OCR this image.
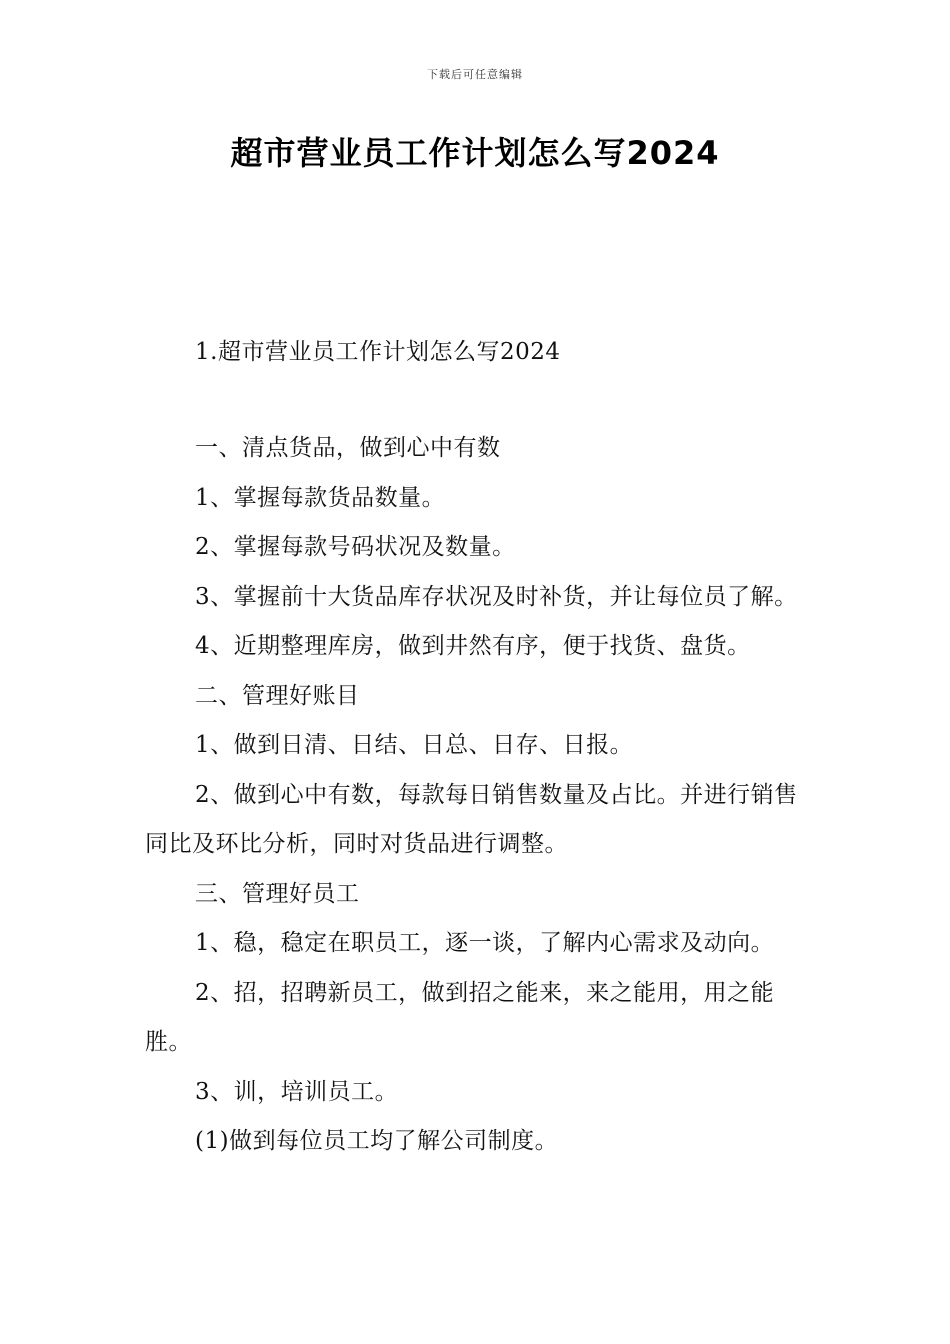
下载后可任意编辑
超市营业员工作计划怎么写2024

1.超市营业员工作计划怎么写2024

一、清点货品，做到心中有数

1、掌握每款货品数量。

2、掌握每款号码状况及数量。

3、掌握前十大货品库存状况及时补货，并让每位员了解。

4、近期整理库房，做到井然有序，便于找货、盘货。

二、管理好账目

1、做到日清、日结、日总、日存、日报。

2、做到心中有数，每款每日销售数量及占比。并进行销售同比及环比分析，同时对货品进行调整。

三、管理好员工

1、稳，稳定在职员工，逐一谈，了解内心需求及动向。

2、招，招聘新员工，做到招之能来，来之能用，用之能胜。

3、训，培训员工。

(1)做到每位员工均了解公司制度。
